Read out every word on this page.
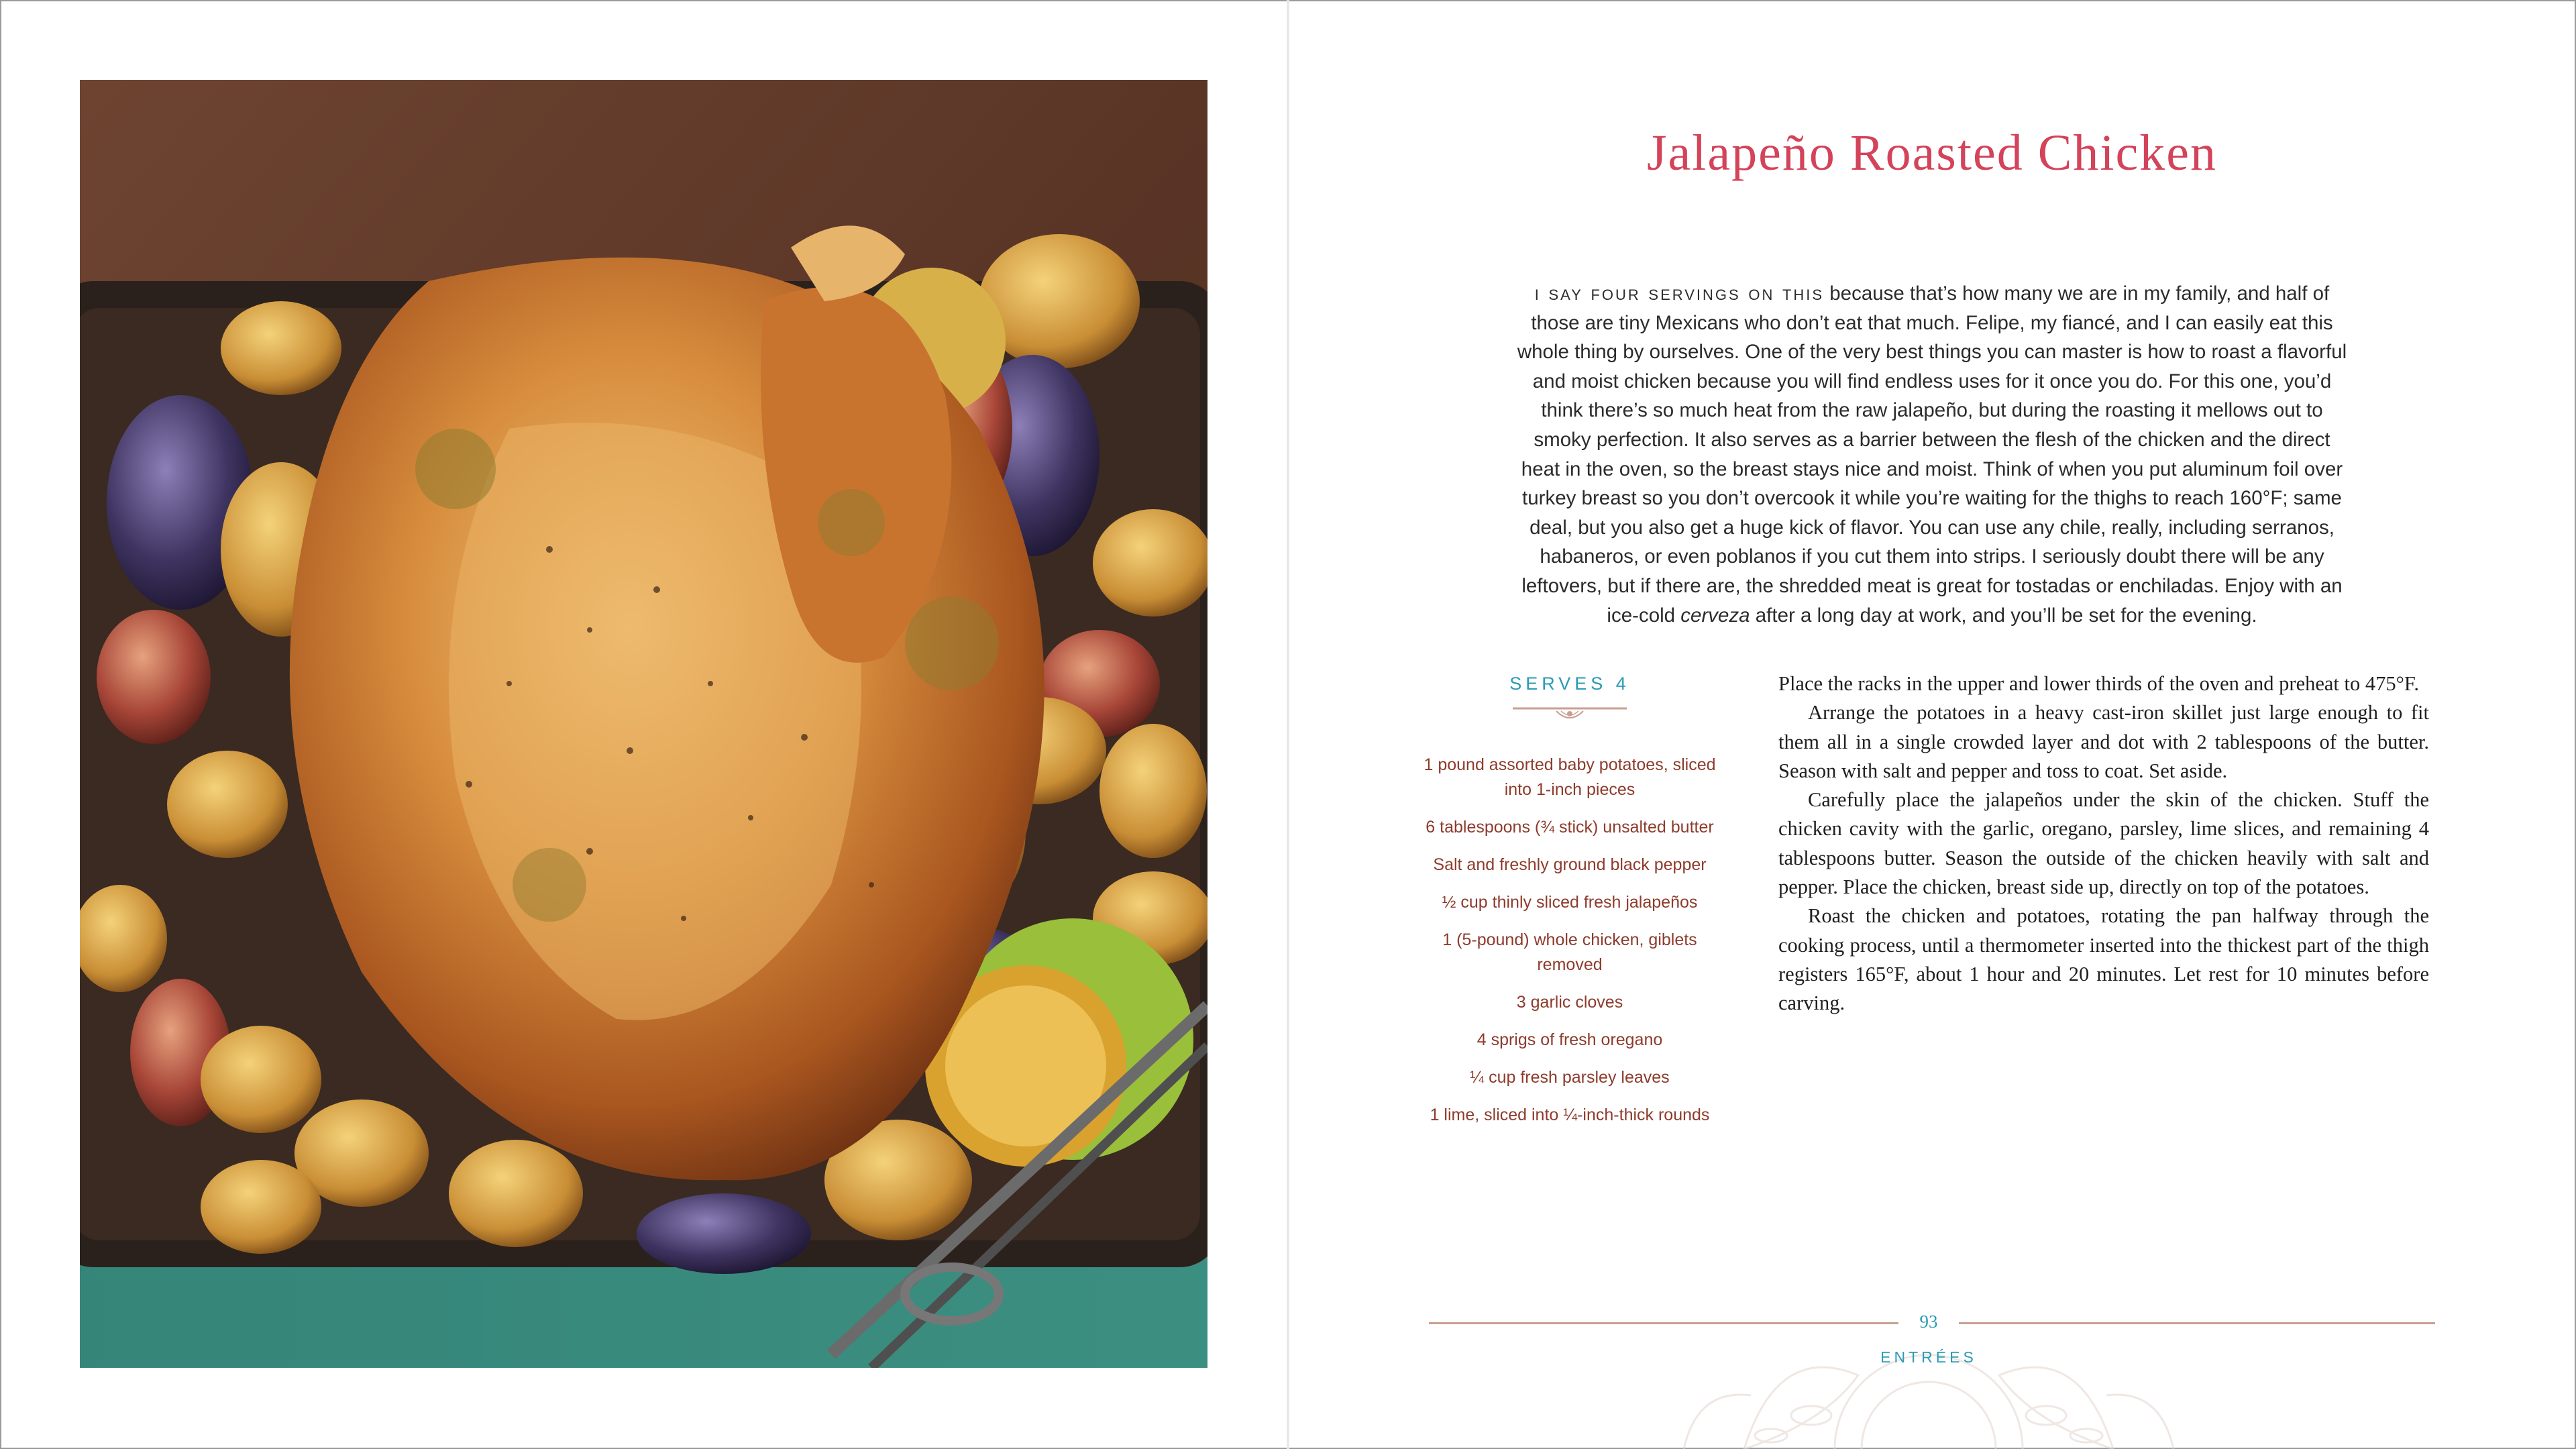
Jalapeño Roasted Chicken
i say four servings on this because that’s how many we are in my family, and half of those are tiny Mexicans who don’t eat that much. Felipe, my fiancé, and I can easily eat this whole thing by ourselves. One of the very best things you can master is how to roast a flavorful and moist chicken because you will find endless uses for it once you do. For this one, you’d think there’s so much heat from the raw jalapeño, but during the roasting it mellows out to smoky perfection. It also serves as a barrier between the flesh of the chicken and the direct heat in the oven, so the breast stays nice and moist. Think of when you put aluminum foil over turkey breast so you don’t overcook it while you’re waiting for the thighs to reach 160°F; same deal, but you also get a huge kick of flavor. You can use any chile, really, including serranos, habaneros, or even poblanos if you cut them into strips. I seriously doubt there will be any leftovers, but if there are, the shredded meat is great for tostadas or enchiladas. Enjoy with an ice-cold cerveza after a long day at work, and you’ll be set for the evening.
SERVES 4
1 pound assorted baby potatoes, sliced into 1-inch pieces
6 tablespoons (¾ stick) unsalted butter
Salt and freshly ground black pepper
½ cup thinly sliced fresh jalapeños
1 (5-pound) whole chicken, giblets removed
3 garlic cloves
4 sprigs of fresh oregano
¼ cup fresh parsley leaves
1 lime, sliced into ¼-inch-thick rounds

Place the racks in the upper and lower thirds of the oven and preheat to 475°F.

Arrange the potatoes in a heavy cast-iron skillet just large enough to fit them all in a single crowded layer and dot with 2 tablespoons of the butter. Season with salt and pepper and toss to coat. Set aside.

Carefully place the jalapeños under the skin of the chicken. Stuff the chicken cavity with the garlic, oregano, parsley, lime slices, and remaining 4 tablespoons butter. Season the outside of the chicken heavily with salt and pepper. Place the chicken, breast side up, directly on top of the potatoes.

Roast the chicken and potatoes, rotating the pan halfway through the cooking process, until a thermometer inserted into the thickest part of the thigh registers 165°F, about 1 hour and 20 minutes. Let rest for 10 minutes before carving.

93
ENTRÉES
